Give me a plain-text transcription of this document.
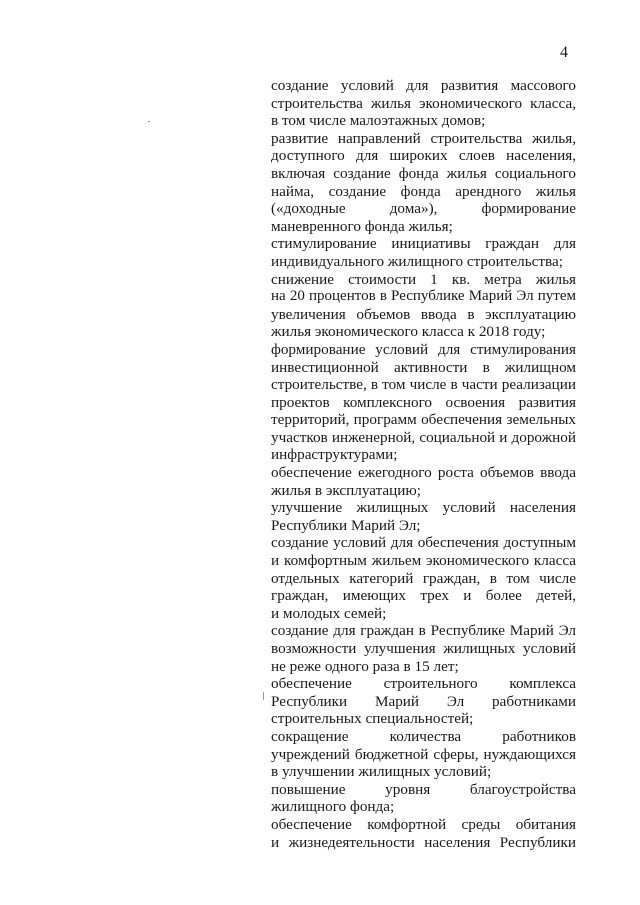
4
создание условий для развития массового
строительства жилья экономического класса,
в том числе малоэтажных домов;
развитие направлений строительства жилья,
доступного для широких слоев населения,
включая создание фонда жилья социального
найма, создание фонда арендного жилья
(«доходные дома»), формирование
маневренного фонда жилья;
стимулирование инициативы граждан для
индивидуального жилищного строительства;
снижение стоимости 1 кв. метра жилья
на 20 процентов в Республике Марий Эл путем
увеличения объемов ввода в эксплуатацию
жилья экономического класса к 2018 году;
формирование условий для стимулирования
инвестиционной активности в жилищном
строительстве, в том числе в части реализации
проектов комплексного освоения развития
территорий, программ обеспечения земельных
участков инженерной, социальной и дорожной
инфраструктурами;
обеспечение ежегодного роста объемов ввода
жилья в эксплуатацию;
улучшение жилищных условий населения
Республики Марий Эл;
создание условий для обеспечения доступным
и комфортным жильем экономического класса
отдельных категорий граждан, в том числе
граждан, имеющих трех и более детей,
и молодых семей;
создание для граждан в Республике Марий Эл
возможности улучшения жилищных условий
не реже одного раза в 15 лет;
обеспечение строительного комплекса
Республики Марий Эл работниками
строительных специальностей;
сокращение количества работников
учреждений бюджетной сферы, нуждающихся
в улучшении жилищных условий;
повышение уровня благоустройства
жилищного фонда;
обеспечение комфортной среды обитания
и жизнедеятельности населения Республики
